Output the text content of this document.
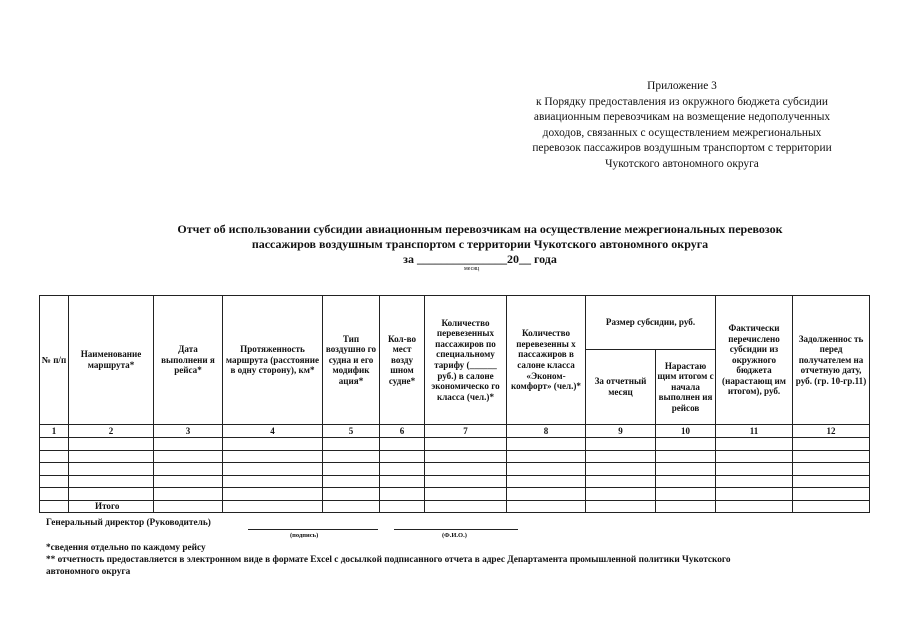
Приложение 3
к Порядку предоставления из окружного бюджета субсидии
авиационным перевозчикам на возмещение недополученных
доходов, связанных с осуществлением межрегиональных
перевозок пассажиров воздушным транспортом с территории
Чукотского автономного округа
Отчет об использовании субсидии авиационным перевозчикам на осуществление межрегиональных перевозок
пассажиров воздушным транспортом с территории Чукотского автономного округа
за _______________20__ года
месяц
№ п/п	Наименование маршрута*	Дата выполнени я рейса*	Протяженность маршрута (расстояние в одну сторону), км*	Тип воздушно го судна и его модифик ация*	Кол-во мест возду шном судне*	Количество перевезенных пассажиров по специальному тарифу (______ руб.) в салоне экономическо го класса (чел.)*	Количество перевезенны х пассажиров в салоне класса «Эконом-комфорт» (чел.)*	Размер субсидии, руб.		Фактически перечислено субсидии из окружного бюджета (нарастающ им итогом), руб.	Задолженнос ть перед получателем на отчетную дату, руб. (гр. 10-гр.11)
								За отчетный месяц	Нарастаю щим итогом с начала выполнен ия рейсов		
1	2	3	4	5	6	7	8	9	10	11	12

	Итого										
Генеральный директор (Руководитель)
(подпись)	(Ф.И.О.)
*сведения отдельно по каждому рейсу
** отчетность предоставляется в электронном виде в формате Excel с досылкой подписанного отчета в адрес Департамента промышленной политики Чукотского
автономного округа
